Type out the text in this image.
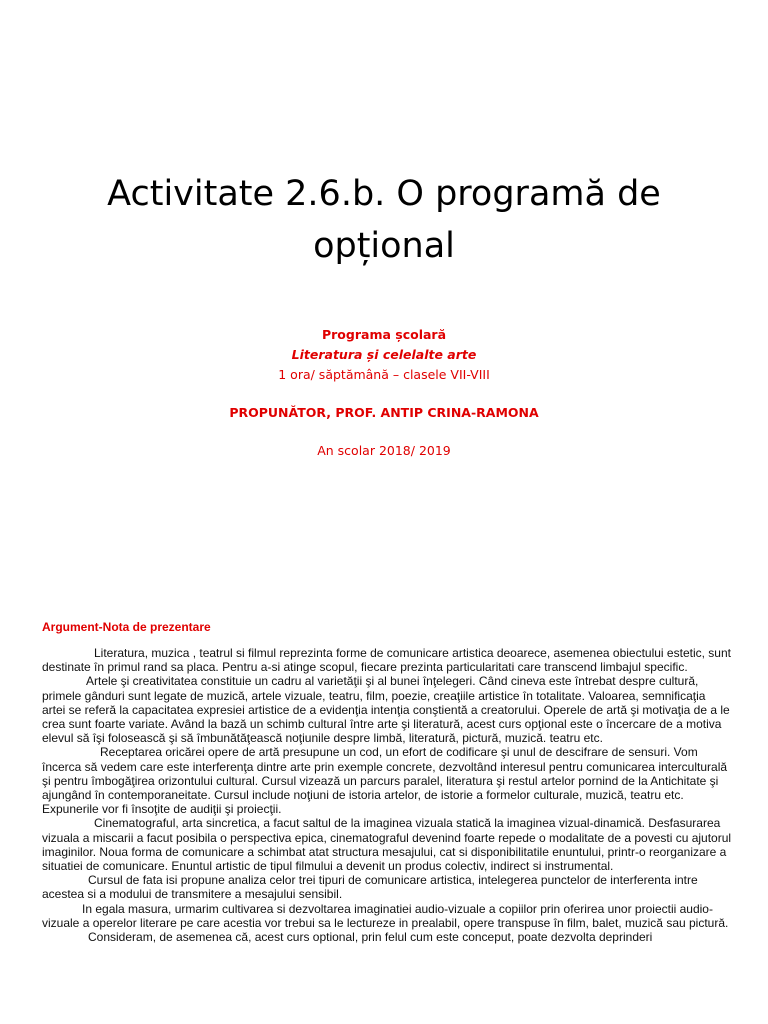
Activitate 2.6.b. O programă de
opțional
Programa școlară
Literatura și celelalte arte
1 ora/ săptămână – clasele VII-VIII
PROPUNĂTOR, PROF. ANTIP CRINA-RAMONA
An scolar 2018/ 2019
Argument-Nota de prezentare

Literatura, muzica , teatrul si filmul reprezinta forme de comunicare artistica deoarece, asemenea obiectului estetic, sunt destinate în primul rand sa placa. Pentru a-si atinge scopul, fiecare prezinta particularitati care transcend limbajul specific.

Artele şi creativitatea constituie un cadru al varietăţii şi al bunei înţelegeri. Când cineva este întrebat despre cultură, primele gânduri sunt legate de muzică, artele vizuale, teatru, film, poezie, creaţiile artistice în totalitate. Valoarea, semnificaţia artei se referă la capacitatea expresiei artistice de a evidenţia intenţia conştientă a creatorului. Operele de artă şi motivaţia de a le crea sunt foarte variate. Având la bază un schimb cultural între arte şi literatură, acest curs opţional este o încercare de a motiva elevul să îşi folosească şi să îmbunătăţească noţiunile despre limbă, literatură, pictură, muzică. teatru etc.

Receptarea oricărei opere de artă presupune un cod, un efort de codificare şi unul de descifrare de sensuri. Vom încerca să vedem care este interferenţa dintre arte prin exemple concrete, dezvoltând interesul pentru comunicarea interculturală şi pentru îmbogăţirea orizontului cultural. Cursul vizează un parcurs paralel, literatura şi restul artelor pornind de la Antichitate şi ajungând în contemporaneitate. Cursul include noţiuni de istoria artelor, de istorie a formelor culturale, muzică, teatru etc. Expunerile vor fi însoţite de audiţii şi proiecţii.

Cinematograful, arta sincretica, a facut saltul de la imaginea vizuala statică la imaginea vizual-dinamică. Desfasurarea vizuala a miscarii a facut posibila o perspectiva epica, cinematograful devenind foarte repede o modalitate de a povesti cu ajutorul imaginilor. Noua forma de comunicare a schimbat atat structura mesajului, cat si disponibilitatile enuntului, printr-o reorganizare a situatiei de comunicare. Enuntul artistic de tipul filmului a devenit un produs colectiv, indirect si instrumental.

Cursul de fata isi propune analiza celor trei tipuri de comunicare artistica, intelegerea punctelor de interferenta intre acestea si a modului de transmitere a mesajului sensibil.

In egala masura, urmarim cultivarea si dezvoltarea imaginatiei audio-vizuale a copiilor prin oferirea unor proiectii audio-vizuale a operelor literare pe care acestia vor trebui sa le lectureze in prealabil, opere transpuse în film, balet, muzică sau pictură.

Consideram, de asemenea că, acest curs optional, prin felul cum este conceput, poate dezvolta deprinderi
